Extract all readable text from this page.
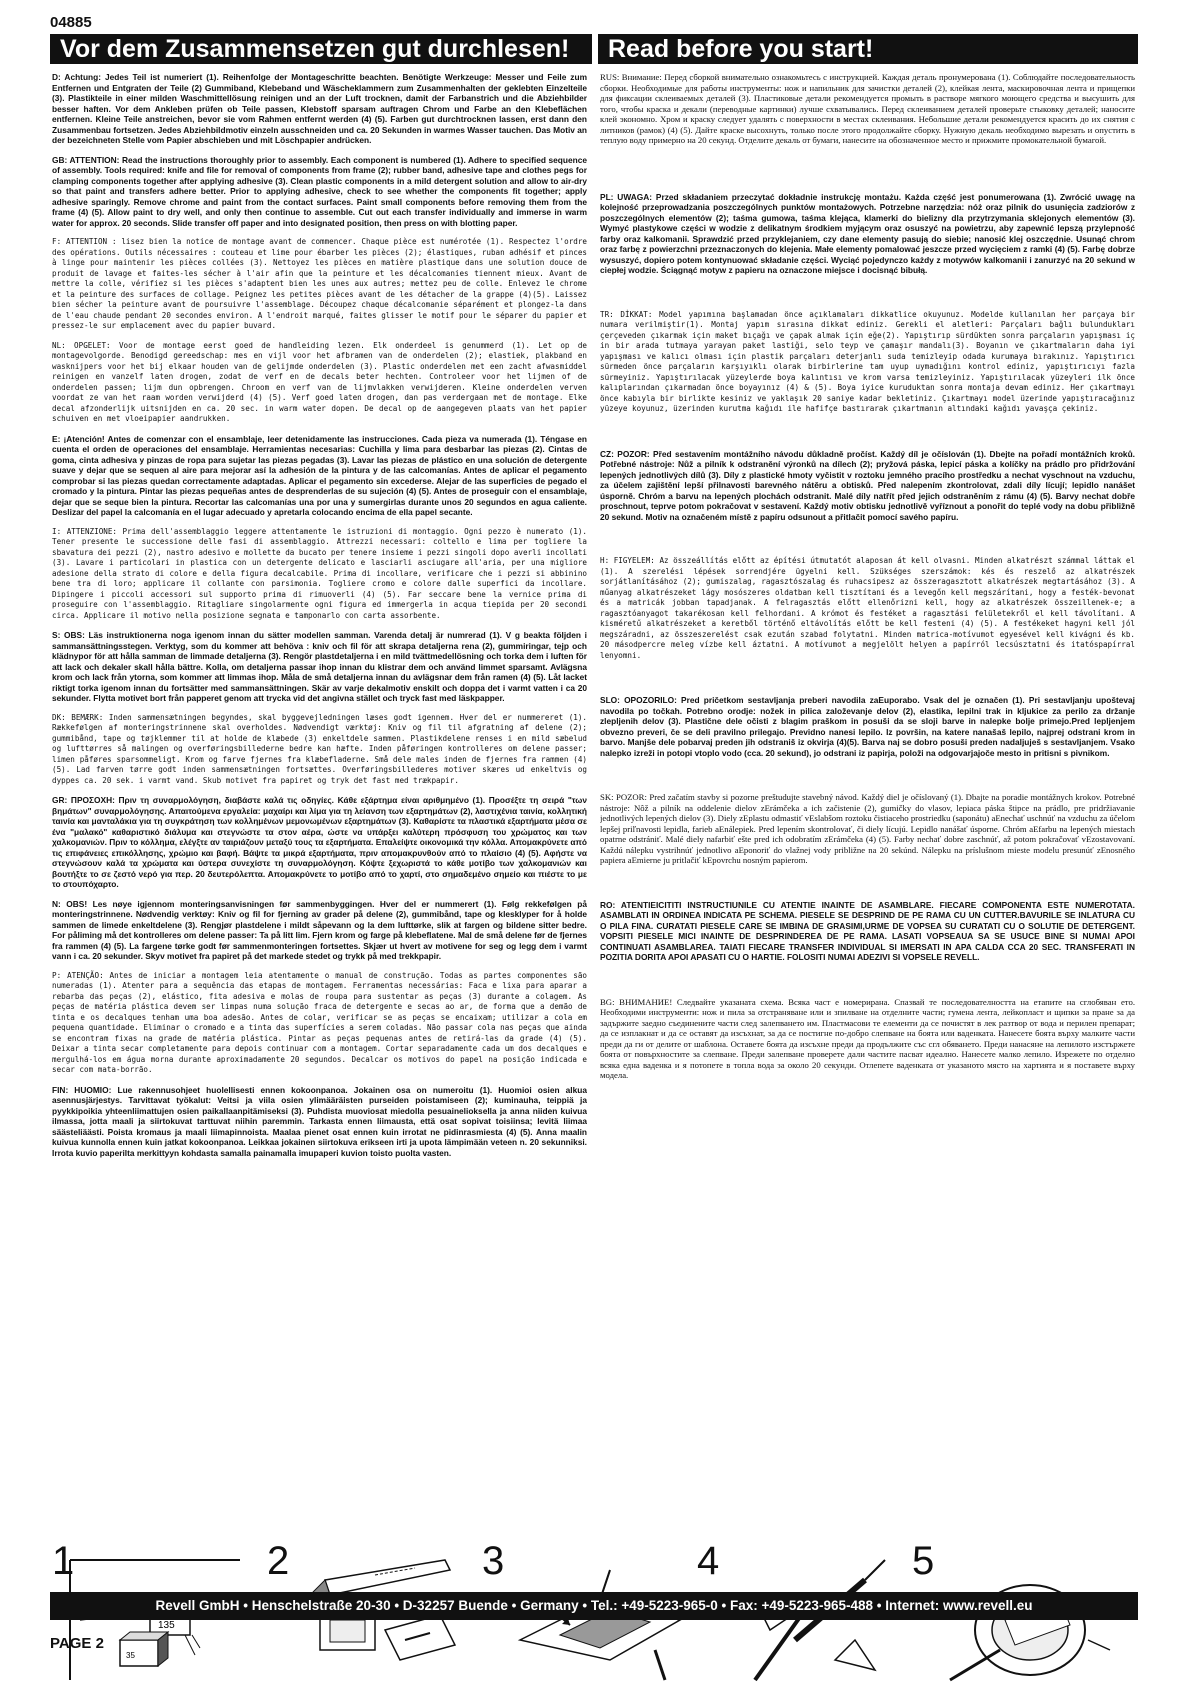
04885
Vor dem Zusammensetzen gut durchlesen!	Read before you start!

D: Achtung: Jedes Teil ist numeriert (1). Reihenfolge der Montageschritte beachten. Benötigte Werkzeuge: Messer und Feile zum Entfernen und Entgraten der Teile (2) Gummiband, Klebeband und Wäscheklammern zum Zusammenhalten der geklebten Einzelteile (3). Plastikteile in einer milden Waschmittellösung reinigen und an der Luft trocknen, damit der Farbanstrich und die Abziehbilder besser haften. Vor dem Ankleben prüfen ob Teile passen, Klebstoff sparsam auftragen Chrom und Farbe an den Klebeflächen entfernen. Kleine Teile anstreichen, bevor sie vom Rahmen entfernt werden (4) (5). Farben gut durchtrocknen lassen, erst dann den Zusammenbau fortsetzen. Jedes Abziehbildmotiv einzeln ausschneiden und ca. 20 Sekunden in warmes Wasser tauchen. Das Motiv an der bezeichneten Stelle vom Papier abschieben und mit Löschpapier andrücken.

GB: ATTENTION: Read the instructions thoroughly prior to assembly. Each component is numbered (1). Adhere to specified sequence of assembly. Tools required: knife and file for removal of components from frame (2); rubber band, adhesive tape and clothes pegs for clamping components together after applying adhesive (3). Clean plastic components in a mild detergent solution and allow to air-dry so that paint and transfers adhere better. Prior to applying adhesive, check to see whether the components fit together; apply adhesive sparingly. Remove chrome and paint from the contact surfaces. Paint small components before removing them from the frame (4) (5). Allow paint to dry well, and only then continue to assemble. Cut out each transfer individually and immerse in warm water for approx. 20 seconds. Slide transfer off paper and into designated position, then press on with blotting paper.

F: ATTENTION : lisez bien la notice de montage avant de commencer. Chaque pièce est numérotée (1). Respectez l'ordre des opérations. Outils nécessaires : couteau et lime pour ébarber les pièces (2); élastiques, ruban adhésif et pinces à linge pour maintenir les pièces collées (3). Nettoyez les pièces en matière plastique dans une solution douce de produit de lavage et faites-les sécher à l'air afin que la peinture et les décalcomanies tiennent mieux. Avant de mettre la colle, vérifiez si les pièces s'adaptent bien les unes aux autres; mettez peu de colle. Enlevez le chrome et la peinture des surfaces de collage. Peignez les petites pièces avant de les détacher de la grappe (4)(5). Laissez bien sécher la peinture avant de poursuivre l'assemblage. Découpez chaque décalcomanie séparément et plongez-la dans de l'eau chaude pendant 20 secondes environ. A l'endroit marqué, faites glisser le motif pour le séparer du papier et pressez-le sur emplacement avec du papier buvard.

NL: OPGELET: Voor de montage eerst goed de handleiding lezen. Elk onderdeel is genummerd (1). Let op de montagevolgorde. Benodigd gereedschap: mes en vijl voor het afbramen van de onderdelen (2); elastiek, plakband en wasknijpers voor het bij elkaar houden van de gelijmde onderdelen (3). Plastic onderdelen met een zacht afwasmiddel reinigen en vanzelf laten drogen, zodat de verf en de decals beter hechten. Controleer voor het lijmen of de onderdelen passen; lijm dun opbrengen. Chroom en verf van de lijmvlakken verwijderen. Kleine onderdelen verven voordat ze van het raam worden verwijderd (4) (5). Verf goed laten drogen, dan pas verdergaan met de montage. Elke decal afzonderlijk uitsnijden en ca. 20 sec. in warm water dopen. De decal op de aangegeven plaats van het papier schuiven en met vloeipapier aandrukken.

E: ¡Atención! Antes de comenzar con el ensamblaje, leer detenidamente las instrucciones. Cada pieza va numerada (1). Téngase en cuenta el orden de operaciones del ensamblaje. Herramientas necesarias: Cuchilla y lima para desbarbar las piezas (2). Cintas de goma, cinta adhesiva y pinzas de ropa para sujetar las piezas pegadas (3). Lavar las piezas de plástico en una solución de detergente suave y dejar que se sequen al aire para mejorar así la adhesión de la pintura y de las calcomanías. Antes de aplicar el pegamento comprobar si las piezas quedan correctamente adaptadas. Aplicar el pegamento sin excederse. Alejar de las superficies de pegado el cromado y la pintura. Pintar las piezas pequeñas antes de desprenderlas de su sujeción (4) (5). Antes de proseguir con el ensamblaje, dejar que se seque bien la pintura. Recortar las calcomanías una por una y sumergirlas durante unos 20 segundos en agua caliente. Deslizar del papel la calcomanía en el lugar adecuado y apretarla colocando encima de ella papel secante.

I: ATTENZIONE: Prima dell'assemblaggio leggere attentamente le istruzioni di montaggio. Ogni pezzo è numerato (1). Tener presente le successione delle fasi di assemblaggio. Attrezzi necessari: coltello e lima per togliere la sbavatura dei pezzi (2), nastro adesivo e mollette da bucato per tenere insieme i pezzi singoli dopo averli incollati (3). Lavare i particolari in plastica con un detergente delicato e lasciarli asciugare all'aria, per una migliore adesione della strato di colore e della figura decalcabile. Prima di incollare, verificare che i pezzi si abbinino bene tra di loro; applicare il collante con parsimonia. Togliere cromo e colore dalle superfici da incollare. Dipingere i piccoli accessori sul supporto prima di rimuoverli (4) (5). Far seccare bene la vernice prima di proseguire con l'assemblaggio. Ritagliare singolarmente ogni figura ed immergerla in acqua tiepida per 20 secondi circa. Applicare il motivo nella posizione segnata e tamponarlo con carta assorbente.

S: OBS: Läs instruktionerna noga igenom innan du sätter modellen samman. Varenda detalj är numrerad (1). V g beakta följden i sammansättningsstegen. Verktyg, som du kommer att behöva : kniv och fil för att skrapa detaljerna rena (2), gummiringar, tejp och klädnypor för att hålla samman de limmade detaljerna (3). Rengör plastdetaljerna i en mild tvättmedellösning och torka dem i luften för att lack och dekaler skall hålla bättre. Kolla, om detaljerna passar ihop innan du klistrar dem och använd limmet sparsamt. Avlägsna krom och lack från ytorna, som kommer att limmas ihop. Måla de små detaljerna innan du avlägsnar dem från ramen (4) (5). Låt lacket riktigt torka igenom innan du fortsätter med sammansättningen. Skär av varje dekalmotiv enskilt och doppa det i varmt vatten i ca 20 sekunder. Flytta motivet bort från papperet genom att trycka vid det angivna stället och tryck fast med läskpapper.

DK: BEMÆRK: Inden sammensætningen begyndes, skal byggevejledningen læses godt igennem. Hver del er nummereret (1). Rækkefølgen af monteringstrinnene skal overholdes. Nødvendigt værktøj: Kniv og fil til afgratning af delene (2); gummibånd, tape og tøjklemmer til at holde de klæbede (3) enkeltdele sammen. Plastikdelene renses i en mild sæbelud og lufttørres så malingen og overføringsbillederne bedre kan hæfte. Inden påføringen kontrolleres om delene passer; limen påføres sparsommeligt. Krom og farve fjernes fra klæbefladerne. Små dele males inden de fjernes fra rammen (4) (5). Lad farven tørre godt inden sammensætningen fortsættes. Overføringsbillederes motiver skæres ud enkeltvis og dyppes ca. 20 sek. i varmt vand. Skub motivet fra papiret og tryk det fast med trækpapir.

GR: ΠΡΟΣΟΧΗ: Πριν τη συναρμολόγηση, διαβάστε καλά τις οδηγίες. Κάθε εξάρτημα είναι αριθμημένο (1). Προσέξτε τη σειρά "των βημάτων" συναρμολόγησης. Απαιτούμενα εργαλεία: μαχαίρι και λίμα για τη λείανση των εξαρτημάτων (2), λαστιχένια ταινία, κολλητική ταινία και μανταλάκια για τη συγκράτηση των κολλημένων μεμονωμένων εξαρτημάτων (3). Καθαρίστε τα πλαστικά εξαρτήματα μέσα σε ένα "μαλακό" καθαριστικό διάλυμα και στεγνώστε τα στον αέρα, ώστε να υπάρξει καλύτερη πρόσφυση του χρώματος και των χαλκομανιών. Πριν το κόλλημα, ελέγξτε αν ταιριάζουν μεταξύ τους τα εξαρτήματα. Επαλείψτε οικονομικά την κόλλα. Απομακρύνετε από τις επιφάνειες επικόλλησης, χρώμιο και βαφή. Βάψτε τα μικρά εξαρτήματα, πριν απομακρυνθούν από το πλαίσιο (4) (5). Αφήστε να στεγνώσουν καλά τα χρώματα και ύστερα συνεχίστε τη συναρμολόγηση. Κόψτε ξεχωριστά το κάθε μοτίβο των χαλκομανιών και βουτήξτε το σε ζεστό νερό για περ. 20 δευτερόλεπτα. Απομακρύνετε το μοτίβο από το χαρτί, στο σημαδεμένο σημείο και πιέστε το με το στουπόχαρτο.

N: OBS! Les nøye igjennom monteringsanvisningen før sammenbyggingen. Hver del er nummerert (1). Følg rekkefølgen på monteringstrinnene. Nødvendig verktøy: Kniv og fil for fjerning av grader på delene (2), gummibånd, tape og klesklyper for å holde sammen de limede enkeltdelene (3). Rengjør plastdelene i mildt såpevann og la dem lufttørke, slik at fargen og bildene sitter bedre. For påliming må det kontrolleres om delene passer: Ta på litt lim. Fjern krom og farge på klebeflatene. Mal de små delene før de fjernes fra rammen (4) (5). La fargene tørke godt før sammenmonteringen fortsettes. Skjær ut hvert av motivene for seg og legg dem i varmt vann i ca. 20 sekunder. Skyv motivet fra papiret på det markede stedet og trykk på med trekkpapir.

P: ATENÇÃO: Antes de iniciar a montagem leia atentamente o manual de construção. Todas as partes componentes são numeradas (1). Atenter para a sequência das etapas de montagem. Ferramentas necessárias: Faca e lixa para aparar a rebarba das peças (2), elástico, fita adesiva e molas de roupa para sustentar as peças (3) durante a colagem. As peças de matéria plástica devem ser limpas numa solução fraca de detergente e secas ao ar, de forma que a demão de tinta e os decalques tenham uma boa adesão. Antes de colar, verificar se as peças se encaixam; utilizar a cola em pequena quantidade. Eliminar o cromado e a tinta das superfícies a serem coladas. Não passar cola nas peças que ainda se encontram fixas na grade de matéria plástica. Pintar as peças pequenas antes de retirá-las da grade (4) (5). Deixar a tinta secar completamente para depois continuar com a montagem. Cortar separadamente cada um dos decalques e mergulhá-los em água morna durante aproximadamente 20 segundos. Decalcar os motivos do papel na posição indicada e secar com mata-borrão.

FIN: HUOMIO: Lue rakennusohjeet huolellisesti ennen kokoonpanoa. Jokainen osa on numeroitu (1). Huomioi osien alkua asennusjärjestys. Tarvittavat työkalut: Veitsi ja viila osien ylimääräisten purseiden poistamiseen (2); kuminauha, teippiä ja pyykkipoikia yhteenliimattujen osien paikallaanpitämiseksi (3). Puhdista muoviosat miedolla pesuainelioksella ja anna niiden kuivua ilmassa, jotta maali ja siirtokuvat tarttuvat niihin paremmin. Tarkasta ennen liimausta, että osat sopivat toisiinsa; levitä liimaa säästeliäästi. Poista kromaus ja maali liimapinnoista. Maalaa pienet osat ennen kuin irrotat ne pidinrasmiesta (4) (5). Anna maalin kuivua kunnolla ennen kuin jatkat kokoonpanoa. Leikkaa jokainen siirtokuva erikseen irti ja upota lämpimään veteen n. 20 sekunniksi. Irrota kuvio paperilta merkittyyn kohdasta samalla painamalla imupaperi kuvion toisto puolta vasten.

RUS: Внимание: Перед сборкой внимательно ознакомьтесь с инструкцией. Каждая деталь пронумерована (1). Соблюдайте последовательность сборки. Необходимые для работы инструменты: нож и напильник для зачистки деталей (2), клейкая лента, маскировочная лента и прищепки для фиксации склеиваемых деталей (3). Пластиковые детали рекомендуется промыть в растворе мягкого моющего средства и высушить для того, чтобы краска и декали (переводные картинки) лучше схватывались. Перед склеиванием деталей проверьте стыковку деталей; наносите клей экономно. Хром и краску следует удалять с поверхности в местах склеивания. Небольшие детали рекомендуется красить до их снятия с литников (рамок) (4) (5). Дайте краске высохнуть, только после этого продолжайте сборку. Нужную декаль необходимо вырезать и опустить в теплую воду примерно на 20 секунд. Отделите декаль от бумаги, нанесите на обозначенное место и прижмите промокательной бумагой.

PL: UWAGA: Przed składaniem przeczytać dokładnie instrukcję montażu. Każda część jest ponumerowana (1). Zwrócić uwagę na kolejność przeprowadzania poszczególnych punktów montażowych. Potrzebne narzędzia: nóż oraz pilnik do usunięcia zadziorów z poszczególnych elementów (2); taśma gumowa, taśma klejąca, klamerki do bielizny dla przytrzymania sklejonych elementów (3). Wymyć plastykowe części w wodzie z delikatnym środkiem myjącym oraz osuszyć na powietrzu, aby zapewnić lepszą przylepność farby oraz kalkomanii. Sprawdzić przed przyklejaniem, czy dane elementy pasują do siebie; nanosić klej oszczędnie. Usunąć chrom oraz farbę z powierzchni przeznaczonych do klejenia. Małe elementy pomalować jeszcze przed wycięciem z ramki (4) (5). Farbę dobrze wysuszyć, dopiero potem kontynuować składanie części. Wyciąć pojedynczo każdy z motywów kalkomanii i zanurzyć na 20 sekund w ciepłej wodzie. Ściągnąć motyw z papieru na oznaczone miejsce i docisnąć bibułą.

TR: DİKKAT: Model yapımına başlamadan önce açıklamaları dikkatlice okuyunuz. Modelde kullanılan her parçaya bir numara verilmiştir(1). Montaj yapım sırasına dikkat ediniz. Gerekli el aletleri: Parçaları bağlı bulundukları çerçeveden çıkarmak için maket bıçağı ve çapak almak için eğe(2). Yapıştırıp sürdükten sonra parçaların yapışması iç in bir arada tutmaya yarayan paket lastiği, selo teyp ve çamaşır mandalı(3). Boyanın ve çıkartmaların daha iyi yapışması ve kalıcı olması için plastik parçaları deterjanlı suda temizleyip odada kurumaya bırakınız. Yapıştırıcı sürmeden önce parçaların karşıyıklı olarak birbirlerine tam uyup uymadığını kontrol ediniz, yapıştırıcıyı fazla sürmeyiniz. Yapıştırılacak yüzeylerde boya kalıntısı ve krom varsa temizleyiniz. Yapıştırılacak yüzeyleri ilk önce kalıplarından çıkarmadan önce boyayınız (4) & (5). Boya iyice kuruduktan sonra montaja devam ediniz. Her çıkartmayı önce kabıyla bir birlikte kesiniz ve yaklaşık 20 saniye kadar bekletiniz. Çıkartmayı model üzerinde yapıştıracağınız yüzeye koyunuz, üzerinden kurutma kağıdı ile hafifçe bastırarak çıkartmanın altındaki kağıdı yavaşça çekiniz.

CZ: POZOR: Před sestavením montážního návodu důkladně pročíst. Každý díl je očíslován (1). Dbejte na pořadí montážních kroků. Potřebné nástroje: Nůž a pilník k odstranění výronků na dílech (2); pryžová páska, lepicí páska a kolíčky na prádlo pro přidržování lepených jednotlivých dílů (3). Díly z plastické hmoty vyčistit v roztoku jemného pracího prostředku a nechat vyschnout na vzduchu, za účelem zajištění lepší přilnavosti barevného nátěru a obtisků. Před nalepením zkontrolovat, zdali díly lícují; lepidlo nanášet úsporně. Chróm a barvu na lepených plochách odstranit. Malé díly natřít před jejich odstraněním z rámu (4) (5). Barvy nechat dobře proschnout, teprve potom pokračovat v sestavení. Každý motiv obtisku jednotlivě vyříznout a ponořit do teplé vody na dobu přibližně 20 sekund. Motiv na označeném místě z papíru odsunout a přitlačit pomocí savého papíru.

H: FIGYELEM: Az összeállítás előtt az építési útmutatót alaposan át kell olvasni. Minden alkatrészt számmal láttak el (1). A szerelési lépések sorrendjére ügyelni kell. Szükséges szerszámok: kés és reszelő az alkatrészek sorjátlanításához (2); gumiszalag, ragasztószalag és ruhacsipesz az összeragasztott alkatrészek megtartásához (3). A műanyag alkatrészeket lágy mosószeres oldatban kell tisztítani és a levegőn kell megszárítani, hogy a festék-bevonat és a matricák jobban tapadjanak. A felragasztás előtt ellenőrizni kell, hogy az alkatrészek összeillenek-e; a ragasztóanyagot takarékosan kell felhordani. A krómot és festéket a ragasztási felületekről el kell távolítani. A kisméretű alkatrészeket a keretből történő eltávolítás előtt be kell festeni (4) (5). A festékeket hagyni kell jól megszáradni, az összeszerelést csak ezután szabad folytatni. Minden matrica-motívumot egyesével kell kivágni és kb. 20 másodpercre meleg vízbe kell áztatni. A motívumot a megjelölt helyen a papírról lecsúsztatni és itatóspapírral lenyomni.

SLO: OPOZORILO: Pred pričetkom sestavljanja preberi navodila zaEuporabo. Vsak del je označen (1). Pri sestavljanju upoštevaj navodila po točkah. Potrebno orodje: nožek in pilica založevanje delov (2), elastika, lepilni trak in kljukice za perilo za držanje zlepljenih delov (3). Plastične dele očisti z blagim praškom in posuši da se sloji barve in nalepke bolje primejo.Pred lepljenjem obvezno preveri, če se deli pravilno prilegajo. Previdno nanesi lepilo. Iz površin, na katere nanašaš lepilo, najprej odstrani krom in barvo. Manjše dele pobarvaj preden jih odstraniš iz okvirja (4)(5). Barva naj se dobro posuši preden nadaljuješ s sestavljanjem. Vsako nalepko izreži in potopi vtoplo vodo (cca. 20 sekund), jo odstrani iz papirja, položi na odgovarjajoče mesto in pritisni s pivnikom.

SK: POZOR: Pred začatím stavby si pozorne preštudujte stavebný návod. Každý diel je očíslovaný (1). Dbajte na poradie montážnych krokov. Potrebné nástroje: Nôž a pilník na oddelenie dielov zErámčeka a ich začistenie (2), gumičky do vlasov, lepiaca páska štipce na prádlo, pre pridržiavanie jednotlivých lepených dielov (3). Diely zEplastu odmastiť vEslabšom roztoku čistiaceho prostriedku (saponátu) aEnechať uschnúť na vzduchu za účelom lepšej priľnavosti lepidla, farieb aEnálepiek. Pred lepením skontrolovať, či diely lícujú. Lepidlo nanášať úsporne. Chróm aEfarbu na lepených miestach opatrne odstrániť. Malé diely nafarbiť ešte pred ich odobratím zErámčeka (4) (5). Farby nechať dobre zaschnúť, až potom pokračovať vEzostavovaní. Každú nálepku vystrihnúť jednotlivo aEponoriť do vlažnej vody približne na 20 sekúnd. Nálepku na príslušnom mieste modelu presunúť zEnosného papiera aEmierne ju pritlačiť kEpovrchu nosným papierom.

RO: ATENTIEICITITI INSTRUCTIUNILE CU ATENTIE INAINTE DE ASAMBLARE. FIECARE COMPONENTA ESTE NUMEROTATA. ASAMBLATI IN ORDINEA INDICATA PE SCHEMA. PIESELE SE DESPRIND DE PE RAMA CU UN CUTTER.BAVURILE SE INLATURA CU O PILA FINA. CURATATI PIESELE CARE SE IMBINA DE GRASIMI,URME DE VOPSEA SU CURATATI CU O SOLUTIE DE DETERGENT. VOPSITI PIESELE MICI INAINTE DE DESPRINDEREA DE PE RAMA. LASATI VOPSEAUA SA SE USUCE BINE SI NUMAI APOI CONTINUATI ASAMBLAREA. TAIATI FIECARE TRANSFER INDIVIDUAL SI IMERSATI IN APA CALDA CCA 20 SEC. TRANSFERATI IN POZITIA DORITA APOI APASATI CU O HARTIE. FOLOSITI NUMAI ADEZIVI SI VOPSELE REVELL.

BG: ВНИМАНИЕ! Следвайте указаната схема. Всяка част е номерирана. Спазвай те последователността на етапите на сглобяван ето. Необходими инструменти: нож и пила за отстраняване или и зпилване на отделните части; гумена лента, лейкопласт и щипки за пране за да задържите заедно съединените части след залепването им. Пластмасови те елементи да се почистят в лек разтвор от вода и перилен препарат; да се изплакнат и да се оставят да изсъхнат, за да се постигне по-добро слепване на боята или ваденката. Нанесете боята върху малките части преди да ги от делите от шаблона. Оставете боята да изсъхне преди да продължите със сгл обяването. Преди нанасяне на лепилото изстържете боята от повърхностите за слепване. Преди залепване проверете дали частите пасват идеално. Нанесете малко лепило. Изрежете по отделно всяка една ваденка и я потопете в топла вода за около 20 секунди. Отлепете ваденката от указаното място на хартията и я поставете върху модела.

135
35
1	2	3	4	5
Revell GmbH • Henschelstraße 20-30 • D-32257 Buende • Germany • Tel.: +49-5223-965-0 • Fax: +49-5223-965-488 • Internet: www.revell.eu
PAGE 2
